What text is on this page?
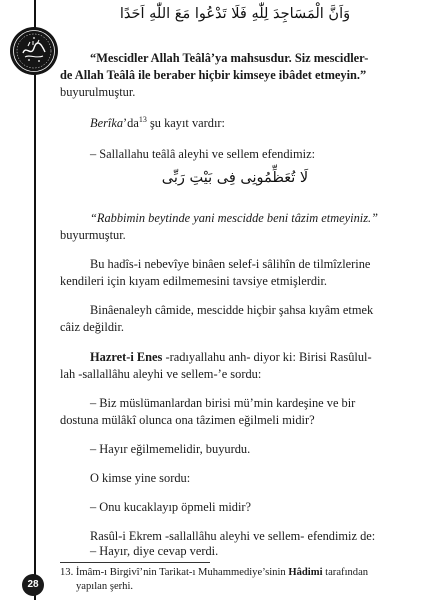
28
وَاَنَّ الْمَسَاجِدَ لِلّٰهِ فَلَا تَدْعُوا مَعَ اللّٰهِ اَحَدًا

“Mescidler Allah Teâlâ’ya mahsusdur. Siz mescidler-

de Allah Teâlâ ile beraber hiçbir kimseye ibâdet etmeyin.”

buyurulmuştur.

$Berîka’da^{13}$ şu kayıt vardır:

– Sallallahu teâlâ aleyhi ve sellem efendimiz:

لَا تُعَظِّمُونِى فِى بَيْتِ رَبِّى

“Rabbimin beytinde yani mescidde beni tâzim etmeyiniz.”

buyurmuştur.

Bu hadîs-i nebevîye binâen selef-i sâlihîn de tilmîzlerine

kendileri için kıyam edilmemesini tavsiye etmişlerdir.

Binâenaleyh câmide, mescidde hiçbir şahsa kıyâm etmek

câiz değildir.

Hazret-i Enes -radıyallahu anh- diyor ki: Birisi Rasûlul-

lah -sallallâhu aleyhi ve sellem-’e sordu:

– Biz müslümanlardan birisi mü’min kardeşine ve bir

dostuna mülâkî olunca ona tâzimen eğilmeli midir?

– Hayır eğilmemelidir, buyurdu.

O kimse yine sordu:

– Onu kucaklayıp öpmeli midir?

Rasûl-i Ekrem -sallallâhu aleyhi ve sellem- efendimiz de:

– Hayır, diye cevap verdi.

13. İmâm-ı Birgivî’nin Tarikat-ı Muhammediye’sinin Hâdimi tarafından
yapılan şerhi.
